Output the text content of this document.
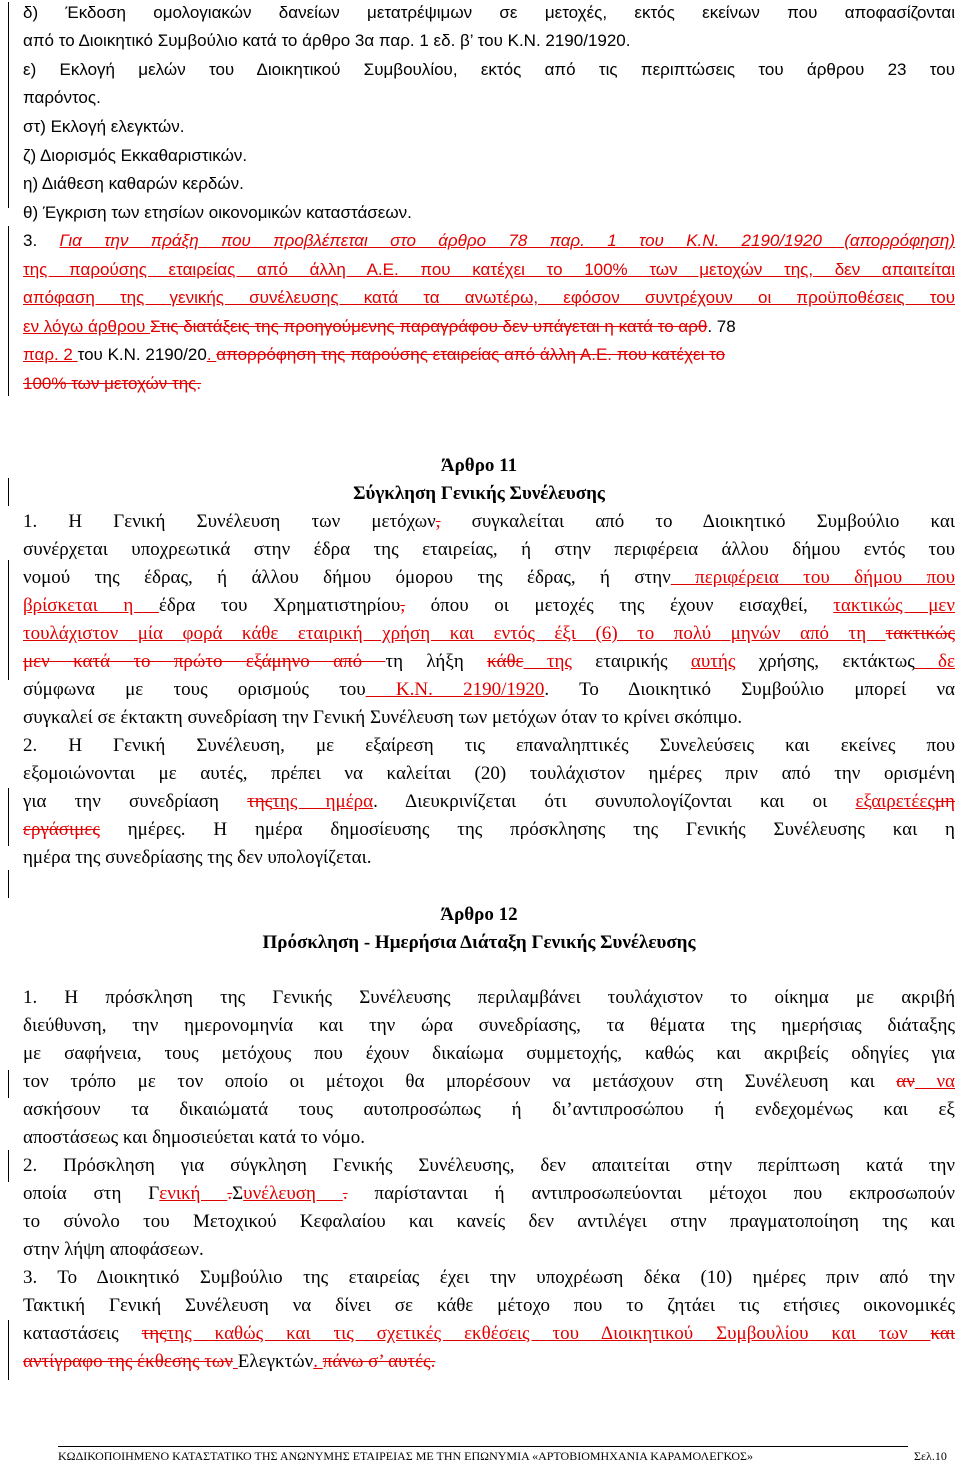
δ) Έκδοση ομολογιακών δανείων μετατρέψιμων σε μετοχές, εκτός εκείνων που αποφασίζονται
από το Διοικητικό Συμβούλιο κατά το άρθρο 3α παρ. 1 εδ. β’ του Κ.Ν. 2190/1920.
ε) Εκλογή μελών του Διοικητικού Συμβουλίου, εκτός από τις περιπτώσεις του άρθρου 23 του
παρόντος.
στ) Εκλογή ελεγκτών.
ζ) Διορισμός Εκκαθαριστικών.
η) Διάθεση καθαρών κερδών.
θ) Έγκριση των ετησίων οικονομικών καταστάσεων.
3. Για την πράξη που προβλέπεται στο άρθρο 78 παρ. 1 του Κ.Ν. 2190/1920 (απορρόφηση)
της παρούσης εταιρείας από άλλη Α.Ε. που κατέχει το 100% των μετοχών της, δεν απαιτείται
απόφαση της γενικής συνέλευσης κατά τα ανωτέρω, εφόσον συντρέχουν οι προϋποθέσεις του
εν λόγω άρθρου Στις διατάξεις της προηγούμενης παραγράφου δεν υπάγεται η κατά το αρθ. 78
παρ. 2 του Κ.Ν. 2190/20. απορρόφηση της παρούσης εταιρείας από άλλη Α.Ε. που κατέχει το
100% των μετοχών της.
Άρθρο 11
Σύγκληση Γενικής Συνέλευσης
1. Η Γενική Συνέλευση των μετόχων, συγκαλείται από το Διοικητικό Συμβούλιο και
συνέρχεται υποχρεωτικά στην έδρα της εταιρείας, ή στην περιφέρεια άλλου δήμου εντός του
νομού της έδρας, ή άλλου δήμου όμορου της έδρας, ή στην περιφέρεια του δήμου που
βρίσκεται η έδρα του Χρηματιστηρίου, όπου οι μετοχές της έχουν εισαχθεί, τακτικώς μεν
τουλάχιστον μία φορά κάθε εταιρική χρήση και εντός έξι (6) το πολύ μηνών από τη τακτικώς
μεν κατά το πρώτο εξάμηνο από τη λήξη κάθε της εταιρικής αυτής χρήσης, εκτάκτως δε
σύμφωνα με τους ορισμούς του Κ.Ν. 2190/1920. Το Διοικητικό Συμβούλιο μπορεί να
συγκαλεί σε έκτακτη συνεδρίαση την Γενική Συνέλευση των μετόχων όταν το κρίνει σκόπιμο.
2. Η Γενική Συνέλευση, με εξαίρεση τις επαναληπτικές Συνελεύσεις και εκείνες που
εξομοιώνονται με αυτές, πρέπει να καλείται (20) τουλάχιστον ημέρες πριν από την ορισμένη
για την συνεδρίαση τηςτης ημέρα. Διευκρινίζεται ότι συνυπολογίζονται και οι εξαιρετέεςμη
εργάσιμες ημέρες. Η ημέρα δημοσίευσης της πρόσκλησης της Γενικής Συνέλευσης και η
ημέρα της συνεδρίασης της δεν υπολογίζεται.
Άρθρο 12
Πρόσκληση - Ημερήσια Διάταξη Γενικής Συνέλευσης
1. Η πρόσκληση της Γενικής Συνέλευσης περιλαμβάνει τουλάχιστον το οίκημα με ακριβή
διεύθυνση, την ημερονομηνία και την ώρα συνεδρίασης, τα θέματα της ημερήσιας διάταξης
με σαφήνεια, τους μετόχους που έχουν δικαίωμα συμμετοχής, καθώς και ακριβείς οδηγίες για
τον τρόπο με τον οποίο οι μέτοχοι θα μπορέσουν να μετάσχουν στη Συνέλευση και αν να
ασκήσουν τα δικαιώματά τους αυτοπροσώπως ή δι’αντιπροσώπου ή ενδεχομένως και εξ
αποστάσεως και δημοσιεύεται κατά το νόμο.
2. Πρόσκληση για σύγκληση Γενικής Συνέλευσης, δεν απαιτείται στην περίπτωση κατά την
οποία στη Γενική .Συνέλευση . παρίστανται ή αντιπροσωπεύονται μέτοχοι που εκπροσωπούν
το σύνολο του Μετοχικού Κεφαλαίου και κανείς δεν αντιλέγει στην πραγματοποίηση της και
στην λήψη αποφάσεων.
3. Το Διοικητικό Συμβούλιο της εταιρείας έχει την υποχρέωση δέκα (10) ημέρες πριν από την
Τακτική Γενική Συνέλευση να δίνει σε κάθε μέτοχο που το ζητάει τις ετήσιες οικονομικές
καταστάσεις τηςτης καθώς και τις σχετικές εκθέσεις του Διοικητικού Συμβουλίου και των και
αντίγραφο της έκθεσης των Ελεγκτών. πάνω σ’ αυτές.
ΚΩΔΙΚΟΠΟΙΗΜΕΝΟ ΚΑΤΑΣΤΑΤΙΚΟ ΤΗΣ ΑΝΩΝΥΜΗΣ ΕΤΑΙΡΕΙΑΣ ΜΕ ΤΗΝ ΕΠΩΝΥΜΙΑ «ΑΡΤΟΒΙΟΜΗΧΑΝΙΑ ΚΑΡΑΜΟΛΕΓΚΟΣ»	Σελ.10
